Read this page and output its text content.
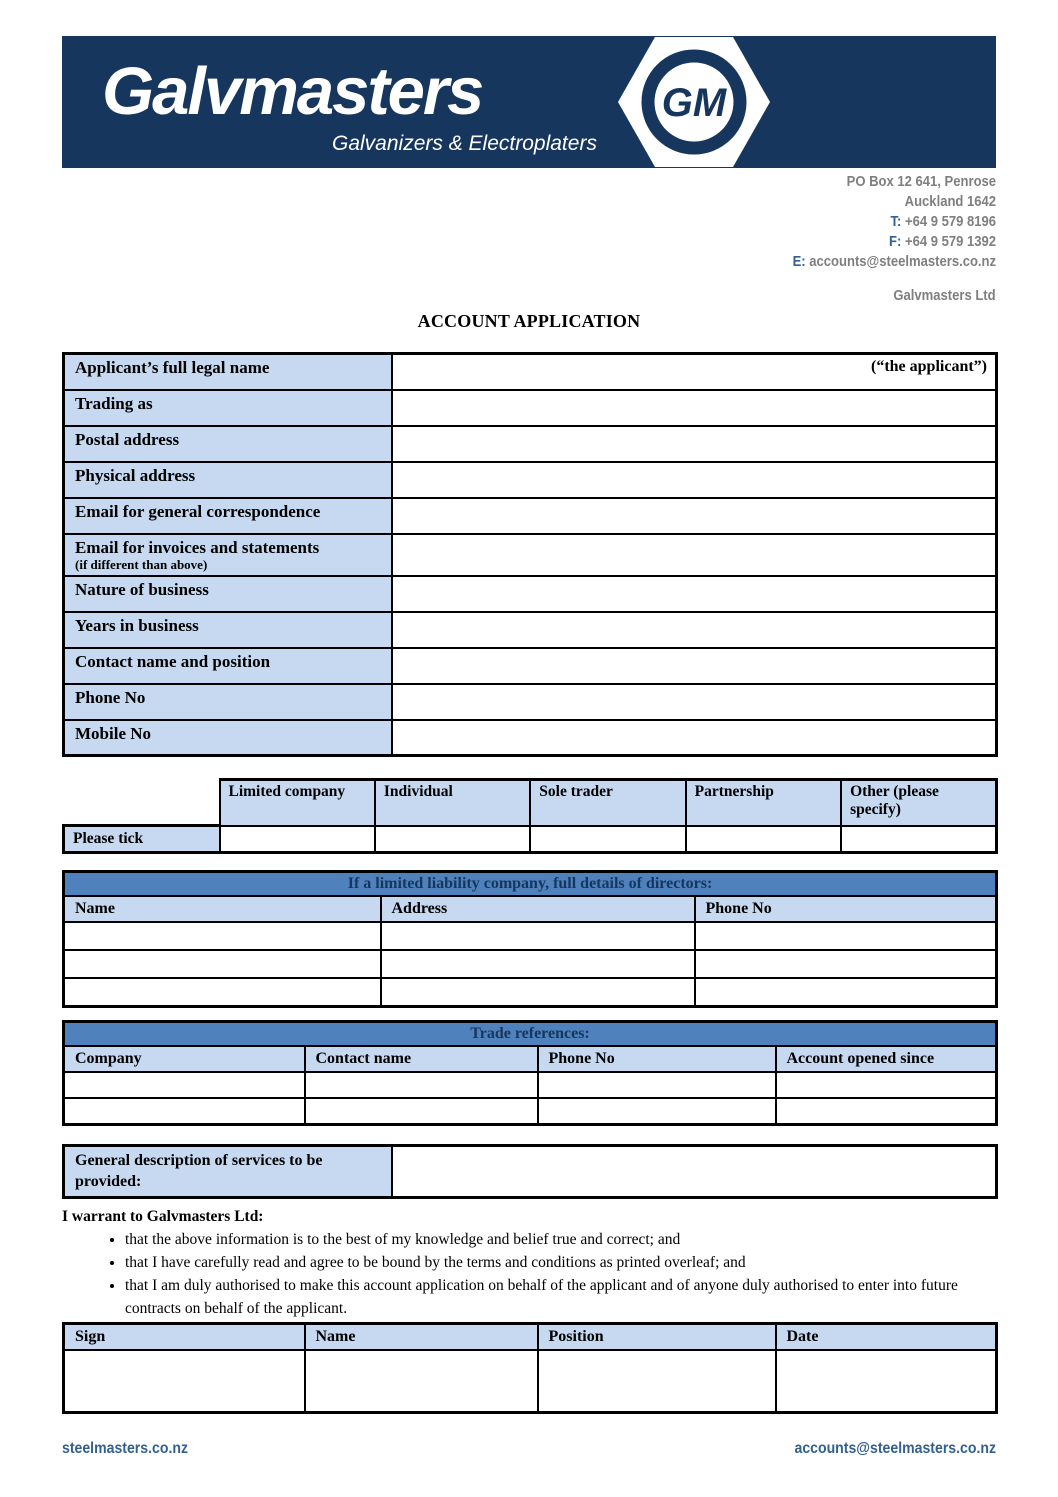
Galvmasters
Galvanizers & Electroplaters
GM
PO Box 12 641, Penrose
Auckland 1642
T: +64 9 579 8196
F: +64 9 579 1392
E: accounts@steelmasters.co.nz
Galvmasters Ltd
ACCOUNT APPLICATION
Applicant’s full legal name	(“the applicant”)

Trading as	
Postal address	
Physical address	
Email for general correspondence	

Email for invoices and statements
(if different than above)	

Nature of business	
Years in business	
Contact name and position	
Phone No	
Mobile No	
	Limited company	Individual	Sole trader	Partnership	Other (please specify)
Please tick					
If a limited liability company, full details of directors:		
Name	Address	Phone No

Trade references:			
Company	Contact name	Phone No	Account opened since

General description of services to be
provided:

I warrant to Galvmasters Ltd:
• that the above information is to the best of my knowledge and belief true and correct; and
• that I have carefully read and agree to be bound by the terms and conditions as printed overleaf; and
• that I am duly authorised to make this account application on behalf of the applicant and of anyone duly authorised to enter into future contracts on behalf of the applicant.
Sign	Name	Position	Date

steelmasters.co.nz	accounts@steelmasters.co.nz
